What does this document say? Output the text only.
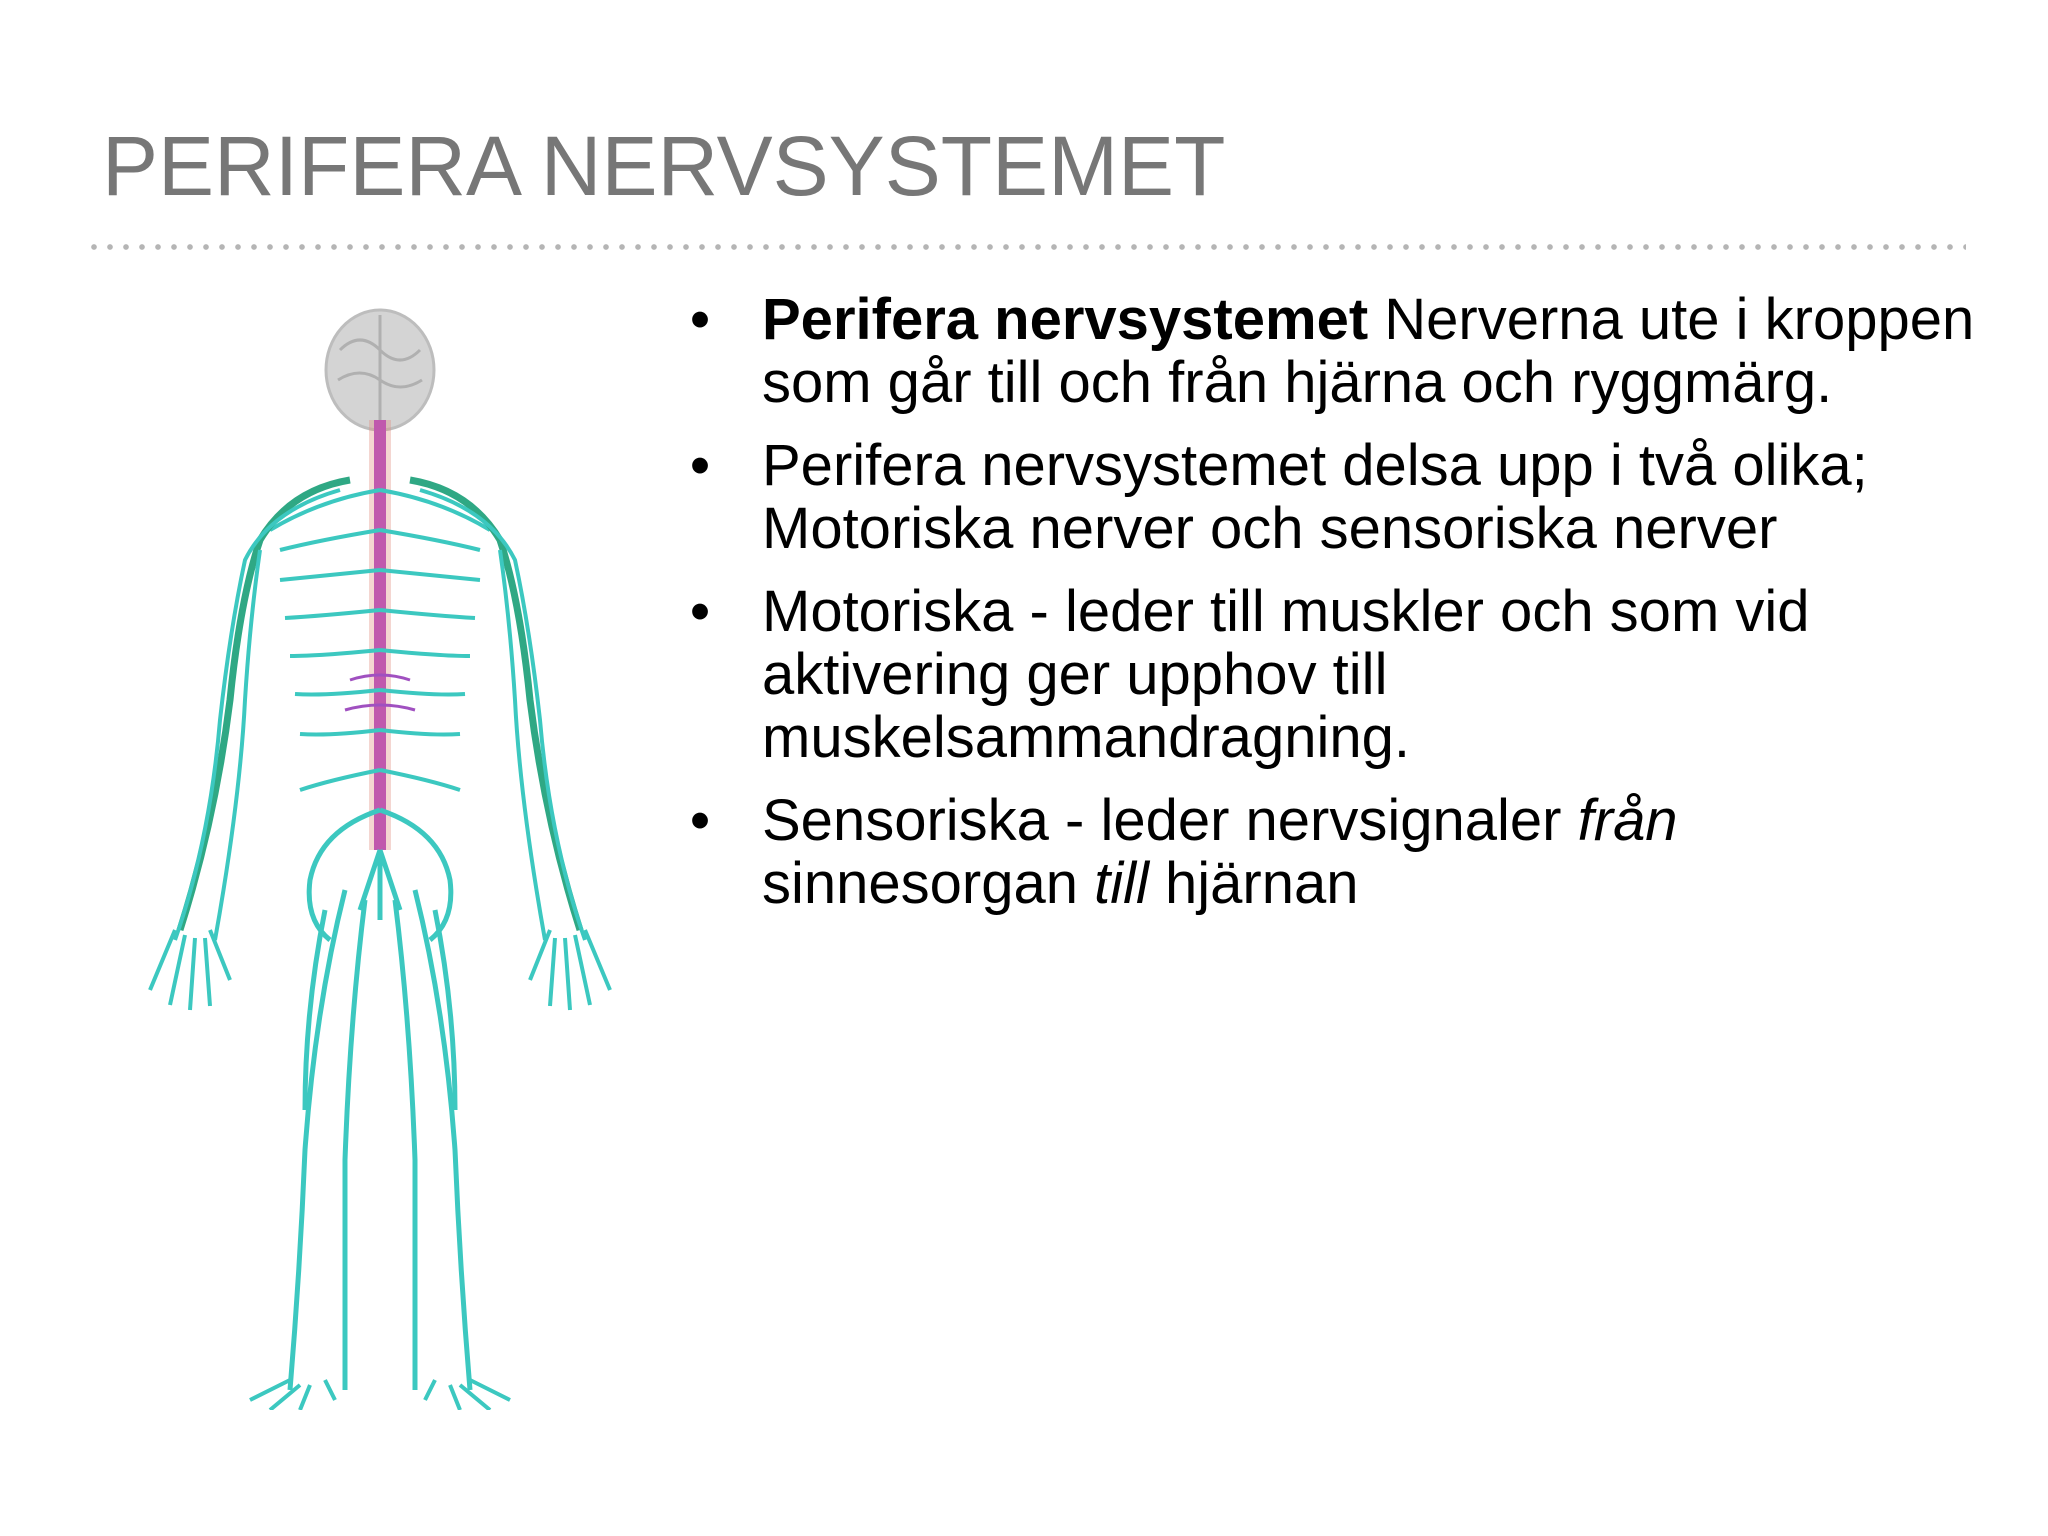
PERIFERA NERVSYSTEMET
• Perifera nervsystemet Nerverna ute i kroppen som går till och från hjärna och ryggmärg.
• Perifera nervsystemet delsa upp i två olika; Motoriska nerver och sensoriska nerver
• Motoriska - leder till muskler och som vid aktivering ger upphov till muskelsammandragning.
• Sensoriska - leder nervsignaler från sinnesorgan till hjärnan
